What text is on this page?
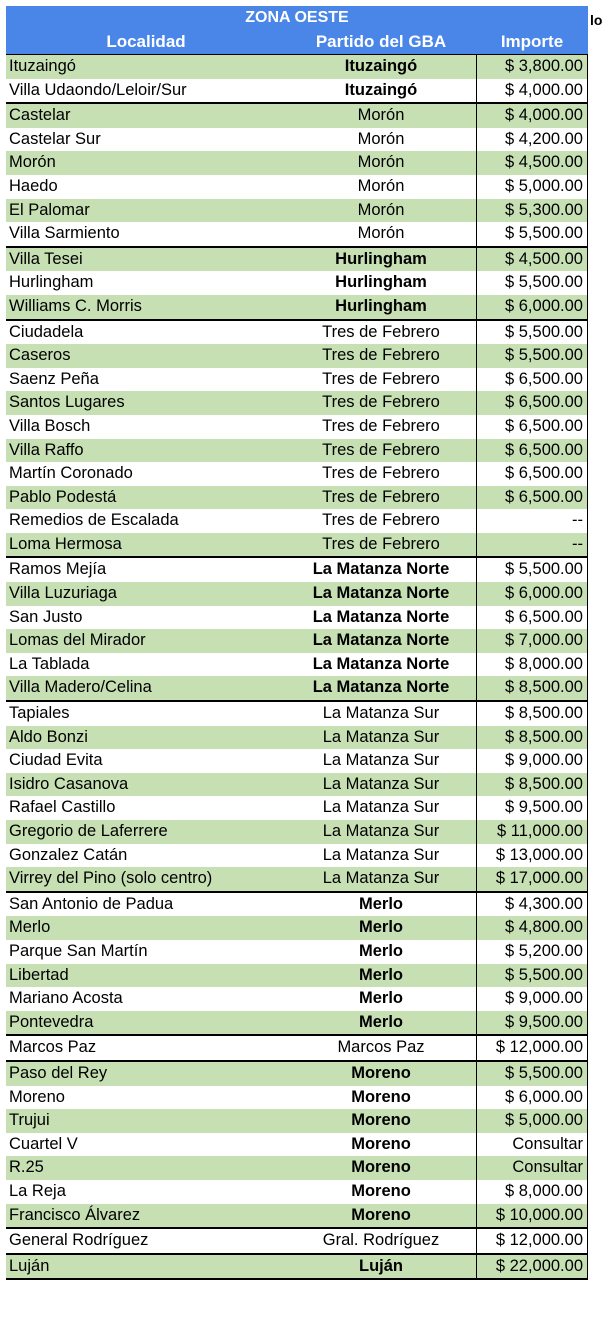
ZONA OESTE
Localidad	Partido del GBA	Importe
Ituzaingó	Ituzaingó	$ 3,800.00
Villa Udaondo/Leloir/Sur	Ituzaingó	$ 4,000.00
Castelar	Morón	$ 4,000.00
Castelar Sur	Morón	$ 4,200.00
Morón	Morón	$ 4,500.00
Haedo	Morón	$ 5,000.00
El Palomar	Morón	$ 5,300.00
Villa Sarmiento	Morón	$ 5,500.00
Villa Tesei	Hurlingham	$ 4,500.00
Hurlingham	Hurlingham	$ 5,500.00
Williams C. Morris	Hurlingham	$ 6,000.00
Ciudadela	Tres de Febrero	$ 5,500.00
Caseros	Tres de Febrero	$ 5,500.00
Saenz Peña	Tres de Febrero	$ 6,500.00
Santos Lugares	Tres de Febrero	$ 6,500.00
Villa Bosch	Tres de Febrero	$ 6,500.00
Villa Raffo	Tres de Febrero	$ 6,500.00
Martín Coronado	Tres de Febrero	$ 6,500.00
Pablo Podestá	Tres de Febrero	$ 6,500.00
Remedios de Escalada	Tres de Febrero	--
Loma Hermosa	Tres de Febrero	--
Ramos Mejía	La Matanza Norte	$ 5,500.00
Villa Luzuriaga	La Matanza Norte	$ 6,000.00
San Justo	La Matanza Norte	$ 6,500.00
Lomas del Mirador	La Matanza Norte	$ 7,000.00
La Tablada	La Matanza Norte	$ 8,000.00
Villa Madero/Celina	La Matanza Norte	$ 8,500.00
Tapiales	La Matanza Sur	$ 8,500.00
Aldo Bonzi	La Matanza Sur	$ 8,500.00
Ciudad Evita	La Matanza Sur	$ 9,000.00
Isidro Casanova	La Matanza Sur	$ 8,500.00
Rafael Castillo	La Matanza Sur	$ 9,500.00
Gregorio de Laferrere	La Matanza Sur	$ 11,000.00
Gonzalez Catán	La Matanza Sur	$ 13,000.00
Virrey del Pino (solo centro)	La Matanza Sur	$ 17,000.00
San Antonio de Padua	Merlo	$ 4,300.00
Merlo	Merlo	$ 4,800.00
Parque San Martín	Merlo	$ 5,200.00
Libertad	Merlo	$ 5,500.00
Mariano Acosta	Merlo	$ 9,000.00
Pontevedra	Merlo	$ 9,500.00
Marcos Paz	Marcos Paz	$ 12,000.00
Paso del Rey	Moreno	$ 5,500.00
Moreno	Moreno	$ 6,000.00
Trujui	Moreno	$ 5,000.00
Cuartel V	Moreno	Consultar
R.25	Moreno	Consultar
La Reja	Moreno	$ 8,000.00
Francisco Álvarez	Moreno	$ 10,000.00
General Rodríguez	Gral. Rodríguez	$ 12,000.00
Luján	Luján	$ 22,000.00
lo
